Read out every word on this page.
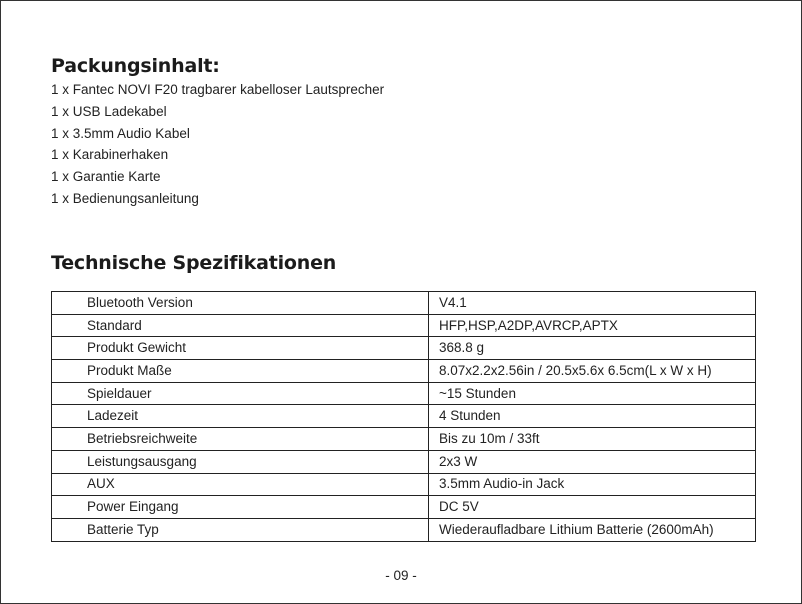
Packungsinhalt:
1 x Fantec NOVI F20 tragbarer kabelloser Lautsprecher
1 x USB Ladekabel
1 x 3.5mm Audio Kabel
1 x Karabinerhaken
1 x Garantie Karte
1 x Bedienungsanleitung
Technische Spezifikationen
Bluetooth Version	V4.1
Standard	HFP,HSP,A2DP,AVRCP,APTX
Produkt Gewicht	368.8 g
Produkt Maße	8.07x2.2x2.56in / 20.5x5.6x 6.5cm(L x W x H)
Spieldauer	~15 Stunden
Ladezeit	4 Stunden
Betriebsreichweite	Bis zu 10m / 33ft
Leistungsausgang	2x3 W
AUX	3.5mm Audio-in Jack
Power Eingang	DC 5V
Batterie Typ	Wiederaufladbare Lithium Batterie (2600mAh)
- 09 -
